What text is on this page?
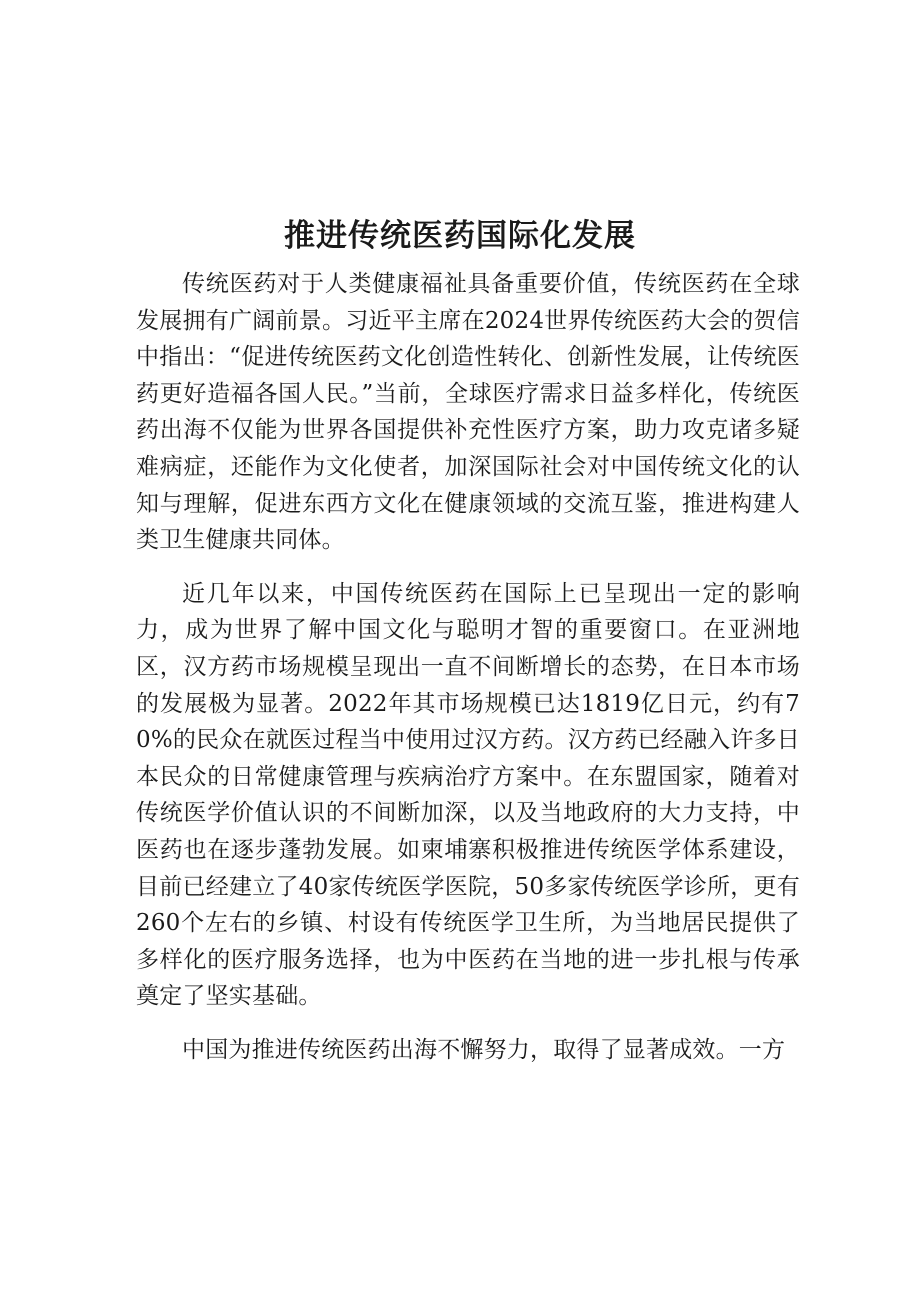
推进传统医药国际化发展

传统医药对于人类健康福祉具备重要价值，传统医药在全球发展拥有广阔前景。习近平主席在2024世界传统医药大会的贺信中指出：“促进传统医药文化创造性转化、创新性发展，让传统医药更好造福各国人民。”当前，全球医疗需求日益多样化，传统医药出海不仅能为世界各国提供补充性医疗方案，助力攻克诸多疑难病症，还能作为文化使者，加深国际社会对中国传统文化的认知与理解，促进东西方文化在健康领域的交流互鉴，推进构建人类卫生健康共同体。

近几年以来，中国传统医药在国际上已呈现出一定的影响力，成为世界了解中国文化与聪明才智的重要窗口。在亚洲地区，汉方药市场规模呈现出一直不间断增长的态势，在日本市场的发展极为显著。2022年其市场规模已达1819亿日元，约有70%的民众在就医过程当中使用过汉方药。汉方药已经融入许多日本民众的日常健康管理与疾病治疗方案中。在东盟国家，随着对传统医学价值认识的不间断加深，以及当地政府的大力支持，中医药也在逐步蓬勃发展。如柬埔寨积极推进传统医学体系建设，目前已经建立了40家传统医学医院，50多家传统医学诊所，更有260个左右的乡镇、村设有传统医学卫生所，为当地居民提供了多样化的医疗服务选择，也为中医药在当地的进一步扎根与传承奠定了坚实基础。

中国为推进传统医药出海不懈努力，取得了显著成效。一方
